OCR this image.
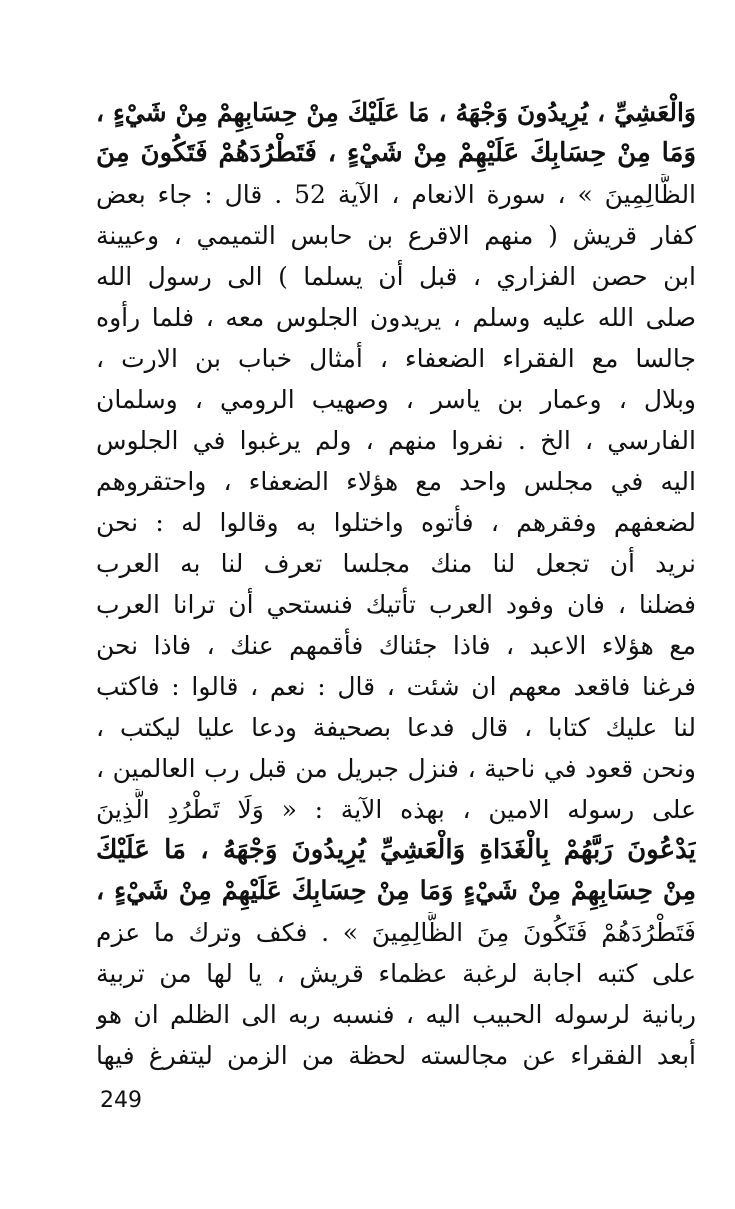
وَالْعَشِيِّ ، يُرِيدُونَ وَجْهَهُ ، مَا عَلَيْكَ مِنْ حِسَابِهِمْ مِنْ شَيْءٍ ،
وَمَا مِنْ حِسَابِكَ عَلَيْهِمْ مِنْ شَيْءٍ ، فَتَطْرُدَهُمْ فَتَكُونَ مِنَ
الظَّالِمِينَ » ، سورة الانعام ، الآية 52 . قال : جاء بعض
كفار قريش ( منهم الاقرع بن حابس التميمي ، وعيينة
ابن حصن الفزاري ، قبل أن يسلما ) الى رسول الله
صلى الله عليه وسلم ، يريدون الجلوس معه ، فلما رأوه
جالسا مع الفقراء الضعفاء ، أمثال خباب بن الارت ،
وبلال ، وعمار بن ياسر ، وصهيب الرومي ، وسلمان
الفارسي ، الخ . نفروا منهم ، ولم يرغبوا في الجلوس
اليه في مجلس واحد مع هؤلاء الضعفاء ، واحتقروهم
لضعفهم وفقرهم ، فأتوه واختلوا به وقالوا له : نحن
نريد أن تجعل لنا منك مجلسا تعرف لنا به العرب
فضلنا ، فان وفود العرب تأتيك فنستحي أن ترانا العرب
مع هؤلاء الاعبد ، فاذا جئناك فأقمهم عنك ، فاذا نحن
فرغنا فاقعد معهم ان شئت ، قال : نعم ، قالوا : فاكتب
لنا عليك كتابا ، قال فدعا بصحيفة ودعا عليا ليكتب ،
ونحن قعود في ناحية ، فنزل جبريل من قبل رب العالمين ،
على رسوله الامين ، بهذه الآية : « وَلَا تَطْرُدِ الَّذِينَ
يَدْعُونَ رَبَّهُمْ بِالْغَدَاةِ وَالْعَشِيِّ يُرِيدُونَ وَجْهَهُ ، مَا عَلَيْكَ
مِنْ حِسَابِهِمْ مِنْ شَيْءٍ وَمَا مِنْ حِسَابِكَ عَلَيْهِمْ مِنْ شَيْءٍ ،
فَتَطْرُدَهُمْ فَتَكُونَ مِنَ الظَّالِمِينَ » . فكف وترك ما عزم
على كتبه اجابة لرغبة عظماء قريش ، يا لها من تربية
ربانية لرسوله الحبيب اليه ، فنسبه ربه الى الظلم ان هو
أبعد الفقراء عن مجالسته لحظة من الزمن ليتفرغ فيها
249
